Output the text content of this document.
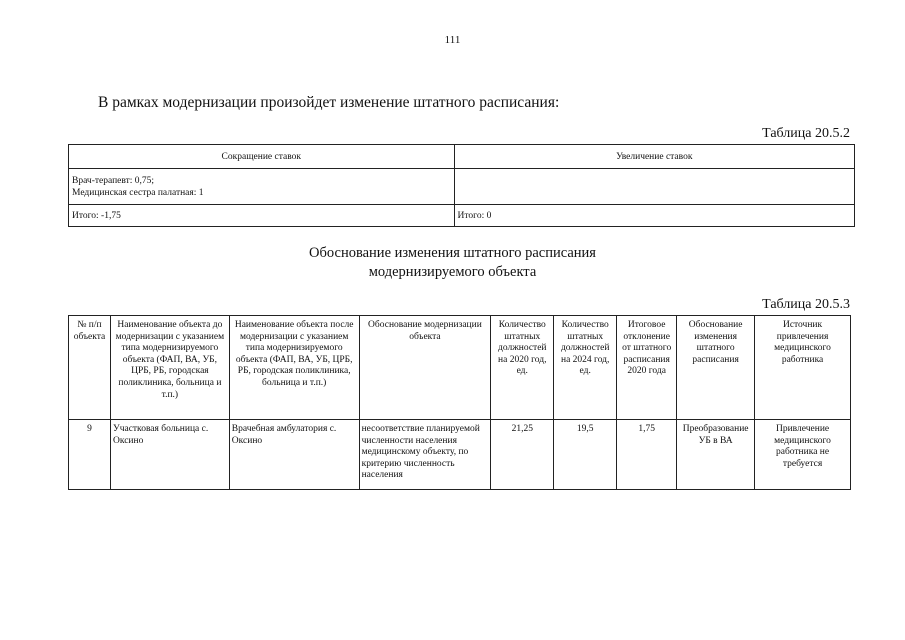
111
В рамках модернизации произойдет изменение штатного расписания:
Таблица 20.5.2
Сокращение ставок	Увеличение ставок

Врач-терапевт: 0,75;
Медицинская сестра палатная: 1	

Итого: -1,75	Итого: 0
Обоснование изменения штатного расписания
модернизируемого объекта
Таблица 20.5.3
№ п/п объекта	Наименование объекта до модернизации с указанием типа модернизируемого объекта (ФАП, ВА, УБ, ЦРБ, РБ, городская поликлиника, больница и т.п.)	Наименование объекта после модернизации с указанием типа модернизируемого объекта (ФАП, ВА, УБ, ЦРБ, РБ, городская поликлиника, больница и т.п.)	Обоснование модернизации объекта	Количество штатных должностей на 2020 год, ед.	Количество штатных должностей на 2024 год, ед.	Итоговое отклонение от штатного расписания 2020 года	Обоснование изменения штатного расписания	Источник привлечения медицинского работника
9	Участковая больница с. Оксино	Врачебная амбулатория с. Оксино	несоответствие планируемой численности населения медицинскому объекту, по критерию численность населения	21,25	19,5	1,75	Преобразование УБ в ВА	Привлечение медицинского работника не требуется
